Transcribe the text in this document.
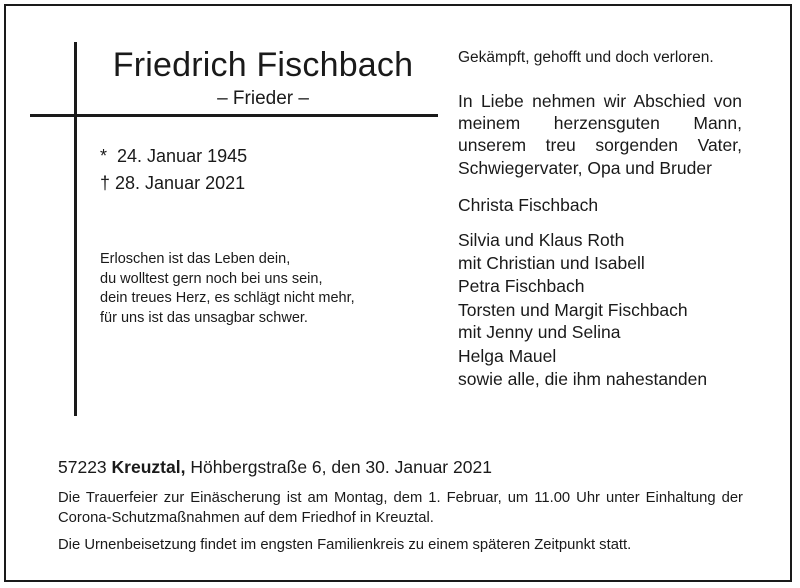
Friedrich Fischbach
– Frieder –
*  24. Januar 1945
† 28. Januar 2021
Erloschen ist das Leben dein,
du wolltest gern noch bei uns sein,
dein treues Herz, es schlägt nicht mehr,
für uns ist das unsagbar schwer.
Gekämpft, gehofft und doch verloren.
In Liebe nehmen wir Abschied von meinem herzensguten Mann, unserem treu sorgenden Vater, Schwiegervater, Opa und Bruder
Christa Fischbach
Silvia und Klaus Roth
mit Christian und Isabell
Petra Fischbach
Torsten und Margit Fischbach
mit Jenny und Selina
Helga Mauel
sowie alle, die ihm nahestanden
57223 Kreuztal, Höhbergstraße 6, den 30. Januar 2021
Die Trauerfeier zur Einäscherung ist am Montag, dem 1. Februar, um 11.00 Uhr unter Einhaltung der Corona-Schutzmaßnahmen auf dem Friedhof in Kreuztal.
Die Urnenbeisetzung findet im engsten Familienkreis zu einem späteren Zeitpunkt statt.
